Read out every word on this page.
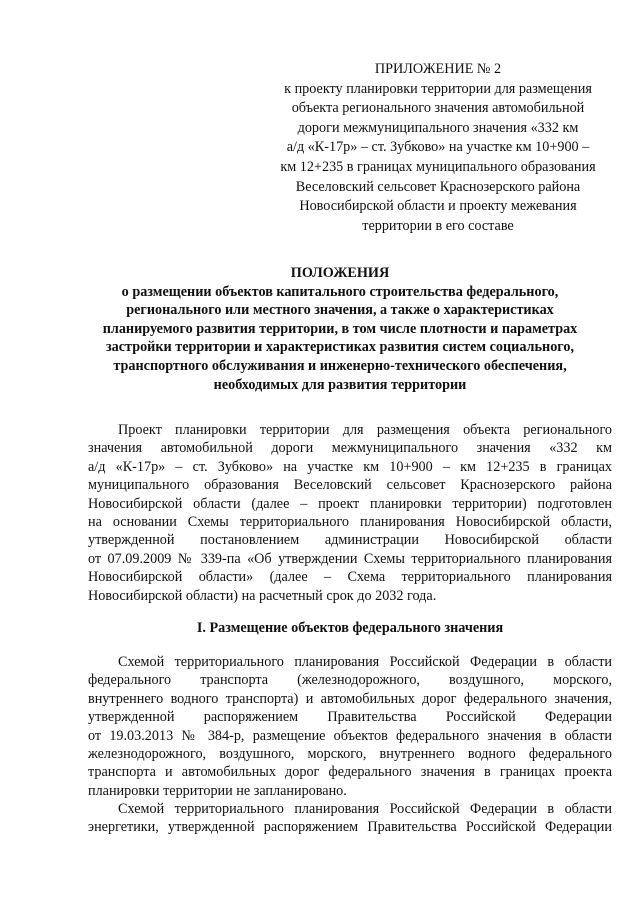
ПРИЛОЖЕНИЕ № 2
к проекту планировки территории для размещения
объекта регионального значения автомобильной
дороги межмуниципального значения «332 км
а/д «К-17р» – ст. Зубково» на участке км 10+900 –
км 12+235 в границах муниципального образования
Веселовский сельсовет Краснозерского района
Новосибирской области и проекту межевания
территории в его составе
ПОЛОЖЕНИЯ
о размещении объектов капитального строительства федерального,
регионального или местного значения, а также о характеристиках
планируемого развития территории, в том числе плотности и параметрах
застройки территории и характеристиках развития систем социального,
транспортного обслуживания и инженерно-технического обеспечения,
необходимых для развития территории
Проект планировки территории для размещения объекта регионального
значения автомобильной дороги межмуниципального значения «332 км
а/д «К-17р» – ст. Зубково» на участке км 10+900 – км 12+235 в границах
муниципального образования Веселовский сельсовет Краснозерского района
Новосибирской области (далее – проект планировки территории) подготовлен
на основании Схемы территориального планирования Новосибирской области,
утвержденной постановлением администрации Новосибирской области
от 07.09.2009 № 339-па «Об утверждении Схемы территориального планирования
Новосибирской области» (далее – Схема территориального планирования
Новосибирской области) на расчетный срок до 2032 года.
I. Размещение объектов федерального значения
Схемой территориального планирования Российской Федерации в области
федерального транспорта (железнодорожного, воздушного, морского,
внутреннего водного транспорта) и автомобильных дорог федерального значения,
утвержденной распоряжением Правительства Российской Федерации
от 19.03.2013 № 384-р, размещение объектов федерального значения в области
железнодорожного, воздушного, морского, внутреннего водного федерального
транспорта и автомобильных дорог федерального значения в границах проекта
планировки территории не запланировано.
Схемой территориального планирования Российской Федерации в области
энергетики, утвержденной распоряжением Правительства Российской Федерации
